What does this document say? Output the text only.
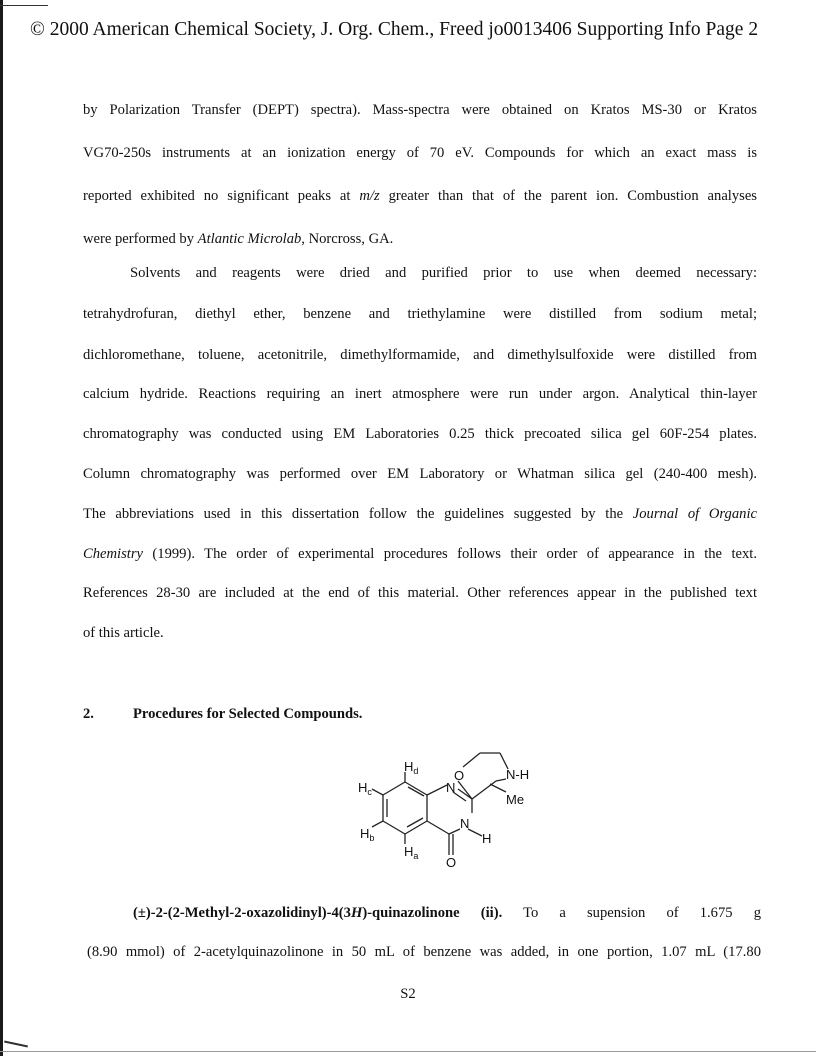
© 2000 American Chemical Society, J. Org. Chem., Freed jo0013406 Supporting Info Page 2
by Polarization Transfer (DEPT) spectra). Mass-spectra were obtained on Kratos MS-30 or Kratos
VG70-250s instruments at an ionization energy of 70 eV. Compounds for which an exact mass is
reported exhibited no significant peaks at m/z greater than that of the parent ion. Combustion analyses
were performed by Atlantic Microlab, Norcross, GA.
Solvents and reagents were dried and purified prior to use when deemed necessary:
tetrahydrofuran, diethyl ether, benzene and triethylamine were distilled from sodium metal;
dichloromethane, toluene, acetonitrile, dimethylformamide, and dimethylsulfoxide were distilled from
calcium hydride. Reactions requiring an inert atmosphere were run under argon. Analytical thin-layer
chromatography was conducted using EM Laboratories 0.25 thick precoated silica gel 60F-254 plates.
Column chromatography was performed over EM Laboratory or Whatman silica gel (240-400 mesh).
The abbreviations used in this dissertation follow the guidelines suggested by the Journal of Organic
Chemistry (1999). The order of experimental procedures follows their order of appearance in the text.
References 28-30 are included at the end of this material. Other references appear in the published text
of this article.
2.	Procedures for Selected Compounds.
$H_d$
$H_c$
$H_b$
$H_a$
N
N
H
O	N-H
Me
O
(±)-2-(2-Methyl-2-oxazolidinyl)-4(3H)-quinazolinone (ii). To a supension of 1.675 g
(8.90 mmol) of 2-acetylquinazolinone in 50 mL of benzene was added, in one portion, 1.07 mL (17.80
S2
